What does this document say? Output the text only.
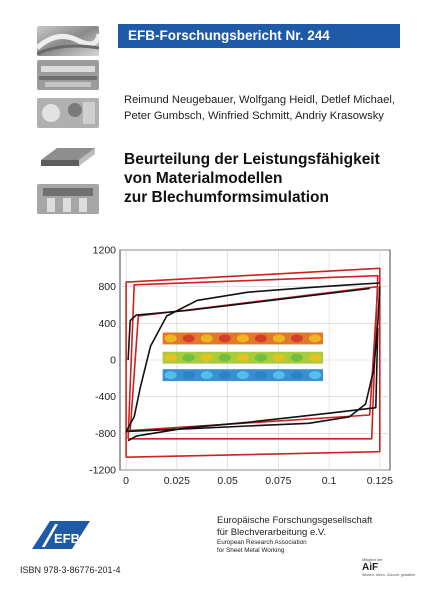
EFB-Forschungsbericht Nr. 244
Reimund Neugebauer, Wolfgang Heidl, Detlef Michael,
Peter Gumbsch, Winfried Schmitt, Andriy Krasowsky
Beurteilung der Leistungsfähigkeit
von Materialmodellen
zur Blechumformsimulation
0	0.025	0.05	0.075	0.1	0.125
1200
800
400
0
-400
-800
-1200
EFB
ISBN 978-3-86776-201-4
Europäische Forschungsgesellschaft
für Blechverarbeitung e.V.
European Research Association
for Sheet Metal Working
Mitglied der
AiF
Wissen. Ideen. Zukunft. gestalten
